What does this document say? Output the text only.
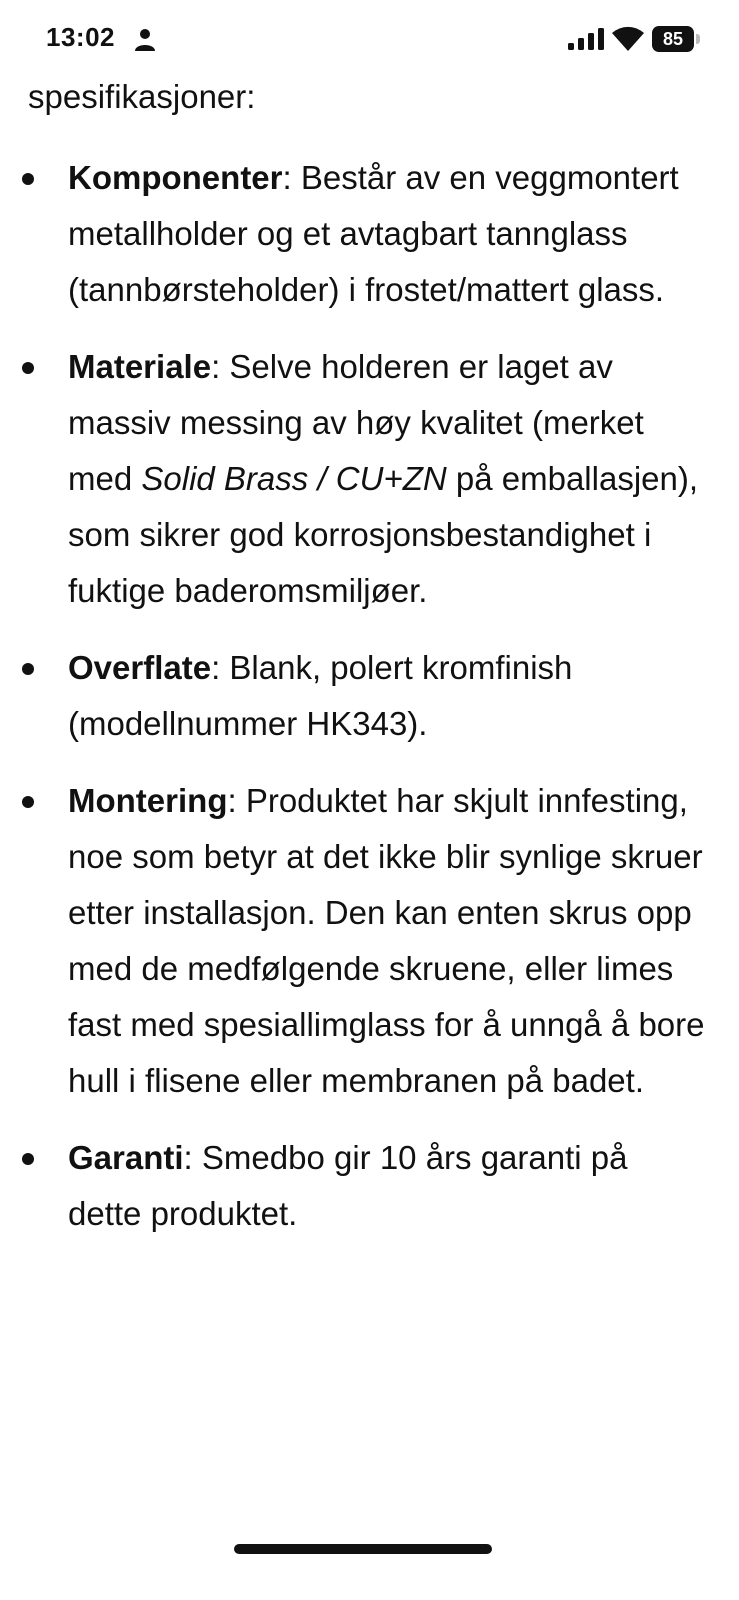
13:02	85
spesifikasjoner:
Komponenter: Består av en veggmontert metallholder og et avtagbart tannglass (tannbørsteholder) i frostet/mattert glass.
Materiale: Selve holderen er laget av massiv messing av høy kvalitet (merket med Solid Brass / CU+ZN på emballasjen), som sikrer god korrosjonsbestandighet i fuktige baderomsmiljøer.
Overflate: Blank, polert kromfinish (modellnummer HK343).
Montering: Produktet har skjult innfesting, noe som betyr at det ikke blir synlige skruer etter installasjon. Den kan enten skrus opp med de medfølgende skruene, eller limes fast med spesiallimglass for å unngå å bore hull i flisene eller membranen på badet.
Garanti: Smedbo gir 10 års garanti på dette produktet.
